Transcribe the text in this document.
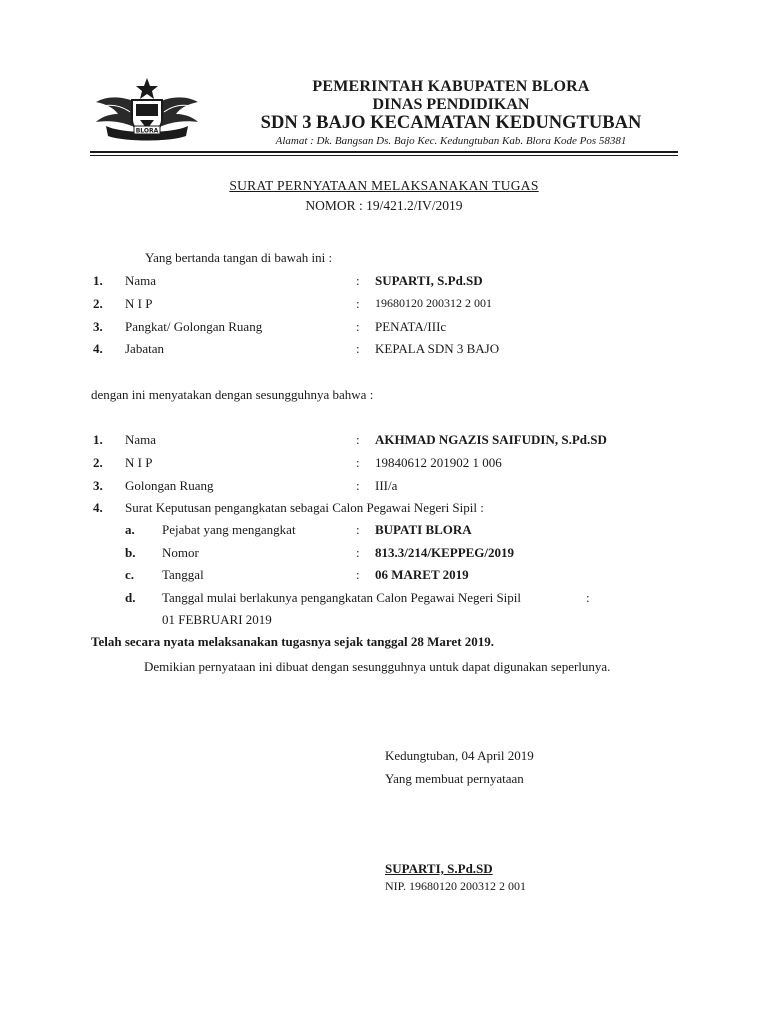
BLORA
PEMERINTAH KABUPATEN BLORA
DINAS PENDIDIKAN
SDN 3 BAJO KECAMATAN KEDUNGTUBAN
Alamat : Dk. Bangsan Ds. Bajo Kec. Kedungtuban Kab. Blora Kode Pos 58381
SURAT PERNYATAAN MELAKSANAKAN TUGAS
NOMOR : 19/421.2/IV/2019
Yang bertanda tangan di bawah ini :
1. Nama	: SUPARTI, S.Pd.SD
2. N I P	: 19680120 200312 2 001
3. Pangkat/ Golongan Ruang	: PENATA/IIIc
4. Jabatan	: KEPALA SDN 3 BAJO
dengan ini menyatakan dengan sesungguhnya bahwa :
1. Nama	: AKHMAD NGAZIS SAIFUDIN, S.Pd.SD
2. N I P	: 19840612 201902 1 006
3. Golongan Ruang	: III/a
4. Surat Keputusan pengangkatan sebagai Calon Pegawai Negeri Sipil :
a. Pejabat yang mengangkat	: BUPATI BLORA
b. Nomor	: 813.3/214/KEPPEG/2019
c. Tanggal	: 06 MARET 2019
d. Tanggal mulai berlakunya pengangkatan Calon Pegawai Negeri Sipil	:
01 FEBRUARI 2019
Telah secara nyata melaksanakan tugasnya sejak tanggal 28 Maret 2019.
Demikian pernyataan ini dibuat dengan sesungguhnya untuk dapat digunakan seperlunya.
Kedungtuban, 04 April 2019
Yang membuat pernyataan
SUPARTI, S.Pd.SD
NIP. 19680120 200312 2 001
